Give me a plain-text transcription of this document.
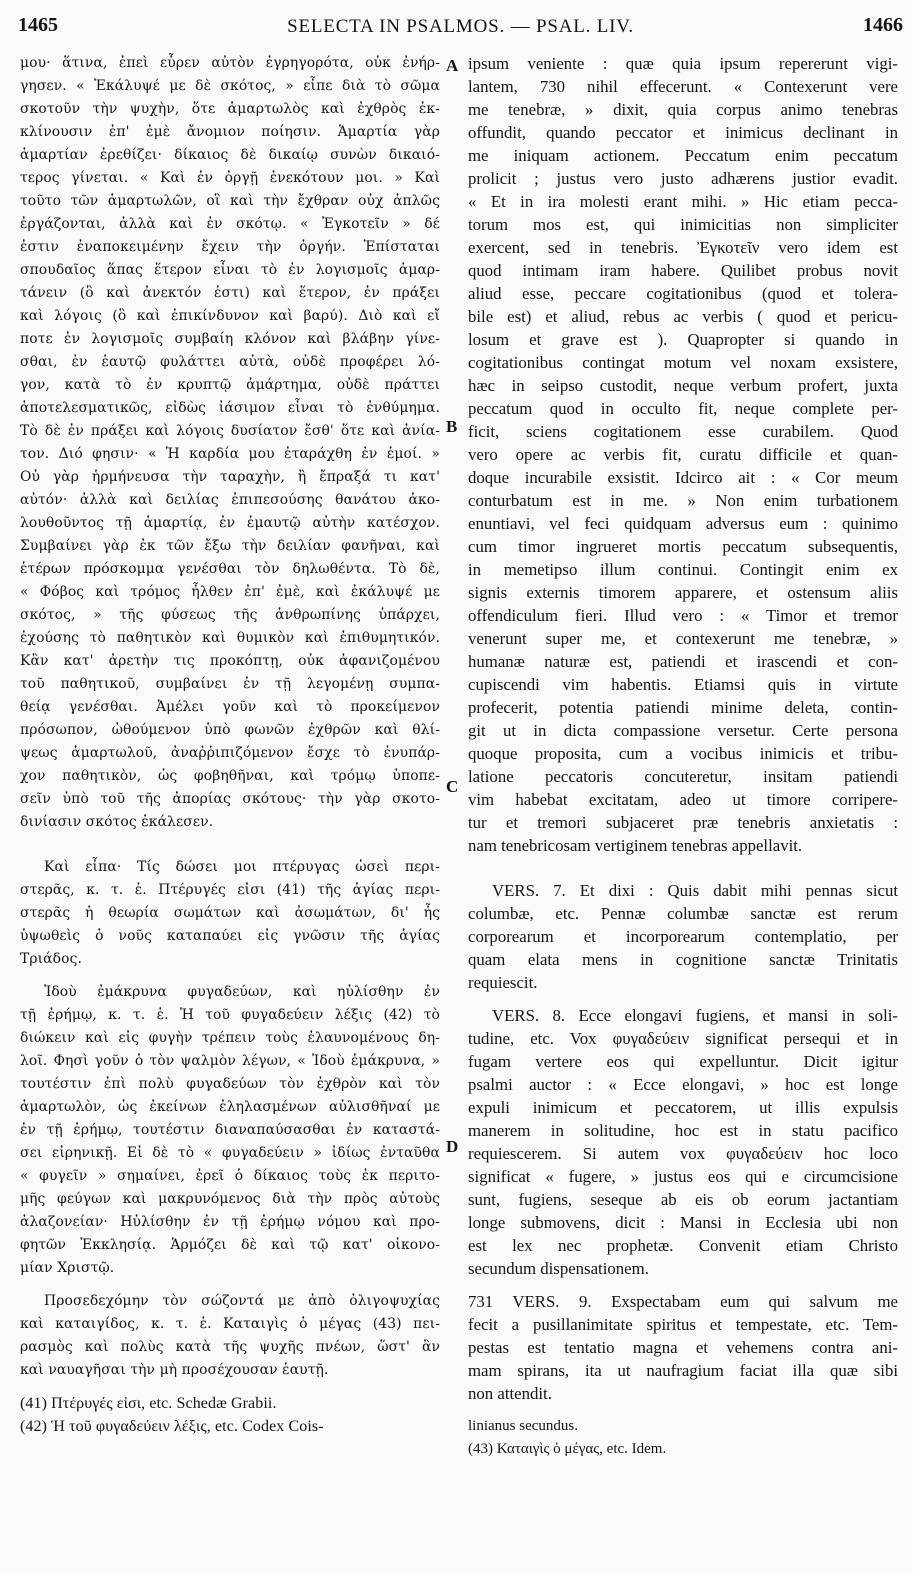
1465	SELECTA IN PSALMOS. — PSAL. LIV.	1466
A
B
C
D
μου· ἅτινα, ἐπεὶ εὗρεν αὐτὸν ἐγρηγορότα, οὐκ ἐνήρ-
γησεν. « Ἐκάλυψέ με δὲ σκότος, » εἶπε διὰ τὸ σῶμα
σκοτοῦν τὴν ψυχὴν, ὅτε ἁμαρτωλὸς καὶ ἐχθρὸς ἐκ-
κλίνουσιν ἐπ' ἐμὲ ἄνομιον ποίησιν. Ἁμαρτία γὰρ
ἁμαρτίαν ἐρεθίζει· δίκαιος δὲ δικαίῳ συνὼν δικαιό-
τερος γίνεται. « Καὶ ἐν ὀργῇ ἐνεκότουν μοι. » Καὶ
τοῦτο τῶν ἁμαρτωλῶν, οἳ καὶ τὴν ἔχθραν οὐχ ἁπλῶς
ἐργάζονται, ἀλλὰ καὶ ἐν σκότῳ. « Ἐγκοτεῖν » δέ
ἐστιν ἐναποκειμένην ἔχειν τὴν ὀργήν. Ἐπίσταται
σπουδαῖος ἅπας ἕτερον εἶναι τὸ ἐν λογισμοῖς ἁμαρ-
τάνειν (ὃ καὶ ἀνεκτόν ἐστι) καὶ ἕτερον, ἐν πράξει
καὶ λόγοις (ὃ καὶ ἐπικίνδυνον καὶ βαρύ). Διὸ καὶ εἴ
ποτε ἐν λογισμοῖς συμβαίη κλόνον καὶ βλάβην γίνε-
σθαι, ἐν ἑαυτῷ φυλάττει αὐτὰ, οὐδὲ προφέρει λό-
γον, κατὰ τὸ ἐν κρυπτῷ ἁμάρτημα, οὐδὲ πράττει
ἀποτελεσματικῶς, εἰδὼς ἰάσιμον εἶναι τὸ ἐνθύμημα.
Τὸ δὲ ἐν πράξει καὶ λόγοις δυσίατον ἔσθ' ὅτε καὶ ἀνία-
τον. Διό φησιν· « Ἡ καρδία μου ἐταράχθη ἐν ἐμοί. »
Οὐ γὰρ ἡρμήνευσα τὴν ταραχὴν, ἢ ἔπραξά τι κατ'
αὐτόν· ἀλλὰ καὶ δειλίας ἐπιπεσούσης θανάτου ἀκο-
λουθοῦντος τῇ ἁμαρτίᾳ, ἐν ἐμαυτῷ αὐτὴν κατέσχον.
Συμβαίνει γὰρ ἐκ τῶν ἔξω τὴν δειλίαν φανῆναι, καὶ
ἑτέρων πρόσκομμα γενέσθαι τὸν δηλωθέντα. Τὸ δὲ,
« Φόβος καὶ τρόμος ἦλθεν ἐπ' ἐμὲ, καὶ ἐκάλυψέ με
σκότος, » τῆς φύσεως τῆς ἀνθρωπίνης ὑπάρχει,
ἐχούσης τὸ παθητικὸν καὶ θυμικὸν καὶ ἐπιθυμητικόν.
Κἂν κατ' ἀρετὴν τις προκόπτῃ, οὐκ ἀφανιζομένου
τοῦ παθητικοῦ, συμβαίνει ἐν τῇ λεγομένῃ συμπα-
θείᾳ γενέσθαι. Ἀμέλει γοῦν καὶ τὸ προκείμενον
πρόσωπον, ὠθούμενον ὑπὸ φωνῶν ἐχθρῶν καὶ θλί-
ψεως ἁμαρτωλοῦ, ἀναῤῥιπιζόμενον ἔσχε τὸ ἐνυπάρ-
χον παθητικὸν, ὡς φοβηθῆναι, καὶ τρόμῳ ὑποπε-
σεῖν ὑπὸ τοῦ τῆς ἀπορίας σκότους· τὴν γὰρ σκοτο-
δινίασιν σκότος ἐκάλεσεν.
Καὶ εἶπα· Τίς δώσει μοι πτέρυγας ὡσεὶ περι-
στερᾶς, κ. τ. ἑ. Πτέρυγές εἰσι (41) τῆς ἁγίας περι-
στερᾶς ἡ θεωρία σωμάτων καὶ ἀσωμάτων, δι' ἧς
ὑψωθεὶς ὁ νοῦς καταπαύει εἰς γνῶσιν τῆς ἁγίας
Τριάδος.
Ἰδοὺ ἐμάκρυνα φυγαδεύων, καὶ ηὐλίσθην ἐν
τῇ ἐρήμῳ, κ. τ. ἑ. Ἡ τοῦ φυγαδεύειν λέξις (42) τὸ
διώκειν καὶ εἰς φυγὴν τρέπειν τοὺς ἐλαυνομένους δη-
λοῖ. Φησὶ γοῦν ὁ τὸν ψαλμὸν λέγων, « Ἰδοὺ ἐμάκρυνα, »
τουτέστιν ἐπὶ πολὺ φυγαδεύων τὸν ἐχθρὸν καὶ τὸν
ἁμαρτωλὸν, ὡς ἐκείνων ἐληλασμένων αὐλισθῆναί με
ἐν τῇ ἐρήμῳ, τουτέστιν διαναπαύσασθαι ἐν καταστά-
σει εἰρηνικῇ. Εἰ δὲ τὸ « φυγαδεύειν » ἰδίως ἐνταῦθα
« φυγεῖν » σημαίνει, ἐρεῖ ὁ δίκαιος τοὺς ἐκ περιτο-
μῆς φεύγων καὶ μακρυνόμενος διὰ τὴν πρὸς αὐτοὺς
ἀλαζονείαν· Ηὐλίσθην ἐν τῇ ἐρήμῳ νόμου καὶ προ-
φητῶν Ἐκκλησίᾳ. Ἁρμόζει δὲ καὶ τῷ κατ' οἰκονο-
μίαν Χριστῷ.
Προσεδεχόμην τὸν σώζοντά με ἀπὸ ὀλιγοψυχίας
καὶ καταιγίδος, κ. τ. ἑ. Καταιγὶς ὁ μέγας (43) πει-
ρασμὸς καὶ πολὺς κατὰ τῆς ψυχῆς πνέων, ὥστ' ἂν
καὶ ναυαγῆσαι τὴν μὴ προσέχουσαν ἑαυτῇ.
(41) Πτέρυγές εἰσι, etc. Schedæ Grabii.
(42) Ἡ τοῦ φυγαδεύειν λέξις, etc. Codex Cois-
ipsum veniente : quæ quia ipsum repererunt vigi-
lantem, 730 nihil effecerunt. « Contexerunt vere
me tenebræ, » dixit, quia corpus animo tenebras
offundit, quando peccator et inimicus declinant in
me iniquam actionem. Peccatum enim peccatum
prolicit ; justus vero justo adhærens justior evadit.
« Et in ira molesti erant mihi. » Hic etiam pecca-
torum mos est, qui inimicitias non simpliciter
exercent, sed in tenebris. Ἐγκοτεῖν vero idem est
quod intimam iram habere. Quilibet probus novit
aliud esse, peccare cogitationibus (quod et tolera-
bile est) et aliud, rebus ac verbis ( quod et pericu-
losum et grave est ). Quapropter si quando in
cogitationibus contingat motum vel noxam exsistere,
hæc in seipso custodit, neque verbum profert, juxta
peccatum quod in occulto fit, neque complete per-
ficit, sciens cogitationem esse curabilem. Quod
vero opere ac verbis fit, curatu difficile et quan-
doque incurabile exsistit. Idcirco ait : « Cor meum
conturbatum est in me. » Non enim turbationem
enuntiavi, vel feci quidquam adversus eum : quinimo
cum timor ingrueret mortis peccatum subsequentis,
in memetipso illum continui. Contingit enim ex
signis externis timorem apparere, et ostensum aliis
offendiculum fieri. Illud vero : « Timor et tremor
venerunt super me, et contexerunt me tenebræ, »
humanæ naturæ est, patiendi et irascendi et con-
cupiscendi vim habentis. Etiamsi quis in virtute
profecerit, potentia patiendi minime deleta, contin-
git ut in dicta compassione versetur. Certe persona
quoque proposita, cum a vocibus inimicis et tribu-
latione peccatoris concuteretur, insitam patiendi
vim habebat excitatam, adeo ut timore corripere-
tur et tremori subjaceret præ tenebris anxietatis :
nam tenebricosam vertiginem tenebras appellavit.
VERS. 7. Et dixi : Quis dabit mihi pennas sicut
columbæ, etc. Pennæ columbæ sanctæ est rerum
corporearum et incorporearum contemplatio, per
quam elata mens in cognitione sanctæ Trinitatis
requiescit.
VERS. 8. Ecce elongavi fugiens, et mansi in soli-
tudine, etc. Vox φυγαδεύειν significat persequi et in
fugam vertere eos qui expelluntur. Dicit igitur
psalmi auctor : « Ecce elongavi, » hoc est longe
expuli inimicum et peccatorem, ut illis expulsis
manerem in solitudine, hoc est in statu pacifico
requiescerem. Si autem vox φυγαδεύειν hoc loco
significat « fugere, » justus eos qui e circumcisione
sunt, fugiens, seseque ab eis ob eorum jactantiam
longe submovens, dicit : Mansi in Ecclesia ubi non
est lex nec prophetæ. Convenit etiam Christo
secundum dispensationem.
731 VERS. 9. Exspectabam eum qui salvum me
fecit a pusillanimitate spiritus et tempestate, etc. Tem-
pestas est tentatio magna et vehemens contra ani-
mam spirans, ita ut naufragium faciat illa quæ sibi
non attendit.
linianus secundus.
(43) Καταιγὶς ὁ μέγας, etc. Idem.
